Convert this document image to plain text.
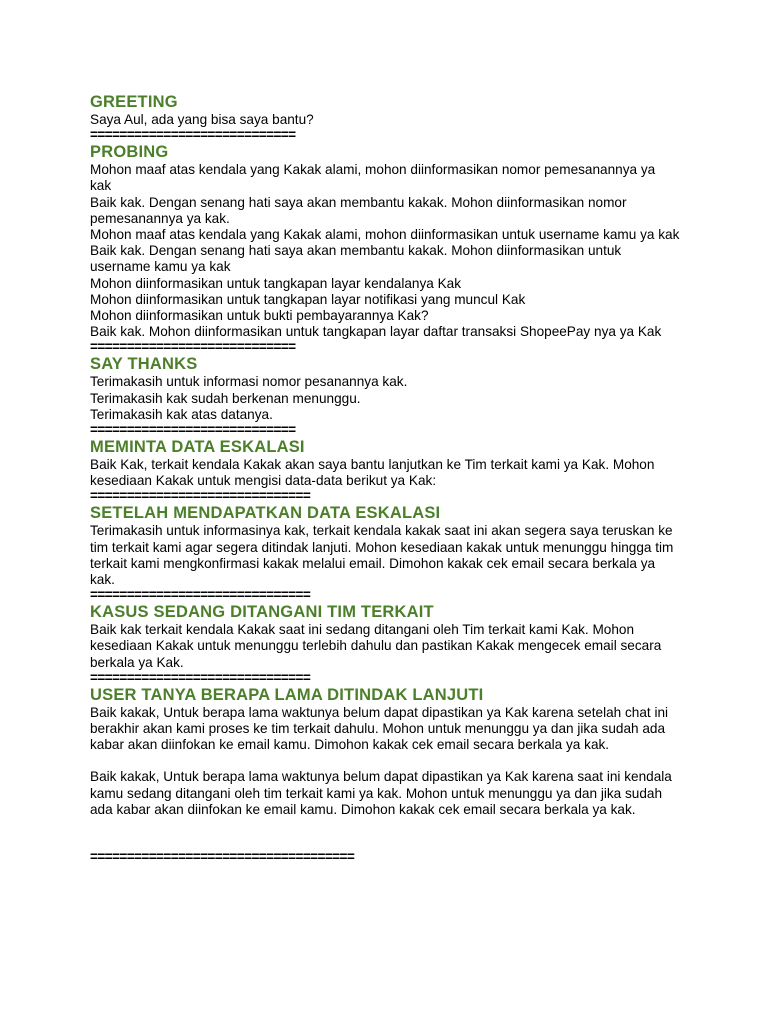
GREETING

Saya Aul, ada yang bisa saya bantu?

============================

PROBING

Mohon maaf atas kendala yang Kakak alami, mohon diinformasikan nomor pemesanannya ya kak

Baik kak. Dengan senang hati saya akan membantu kakak. Mohon diinformasikan nomor pemesanannya ya kak.

Mohon maaf atas kendala yang Kakak alami, mohon diinformasikan untuk username kamu ya kak

Baik kak. Dengan senang hati saya akan membantu kakak. Mohon diinformasikan untuk username kamu ya kak

Mohon diinformasikan untuk tangkapan layar kendalanya Kak

Mohon diinformasikan untuk tangkapan layar notifikasi yang muncul Kak

Mohon diinformasikan untuk bukti pembayarannya Kak?

Baik kak. Mohon diinformasikan untuk tangkapan layar daftar transaksi ShopeePay nya ya Kak

============================

SAY THANKS

Terimakasih untuk informasi nomor pesanannya kak.

Terimakasih kak sudah berkenan menunggu.

Terimakasih kak atas datanya.

============================

MEMINTA DATA ESKALASI

Baik Kak, terkait kendala Kakak akan saya bantu lanjutkan ke Tim terkait kami ya Kak. Mohon kesediaan Kakak untuk mengisi data-data berikut ya Kak:

==============================

SETELAH MENDAPATKAN DATA ESKALASI

Terimakasih untuk informasinya kak, terkait kendala kakak saat ini akan segera saya teruskan ke tim terkait kami agar segera ditindak lanjuti. Mohon kesediaan kakak untuk menunggu hingga tim terkait kami mengkonfirmasi kakak melalui email. Dimohon kakak cek email secara berkala ya kak.

==============================

KASUS SEDANG DITANGANI TIM TERKAIT

Baik kak terkait kendala Kakak saat ini sedang ditangani oleh Tim terkait kami Kak. Mohon kesediaan Kakak untuk menunggu terlebih dahulu dan pastikan Kakak mengecek email secara berkala ya Kak.

==============================

USER TANYA BERAPA LAMA DITINDAK LANJUTI

Baik kakak, Untuk berapa lama waktunya belum dapat dipastikan ya Kak karena setelah chat ini berakhir akan kami proses ke tim terkait dahulu. Mohon untuk menunggu ya dan jika sudah ada kabar akan diinfokan ke email kamu. Dimohon kakak cek email secara berkala ya kak.

Baik kakak, Untuk berapa lama waktunya belum dapat dipastikan ya Kak karena saat ini kendala kamu sedang ditangani oleh tim terkait kami ya kak. Mohon untuk menunggu ya dan jika sudah ada kabar akan diinfokan ke email kamu. Dimohon kakak cek email secara berkala ya kak.

====================================
